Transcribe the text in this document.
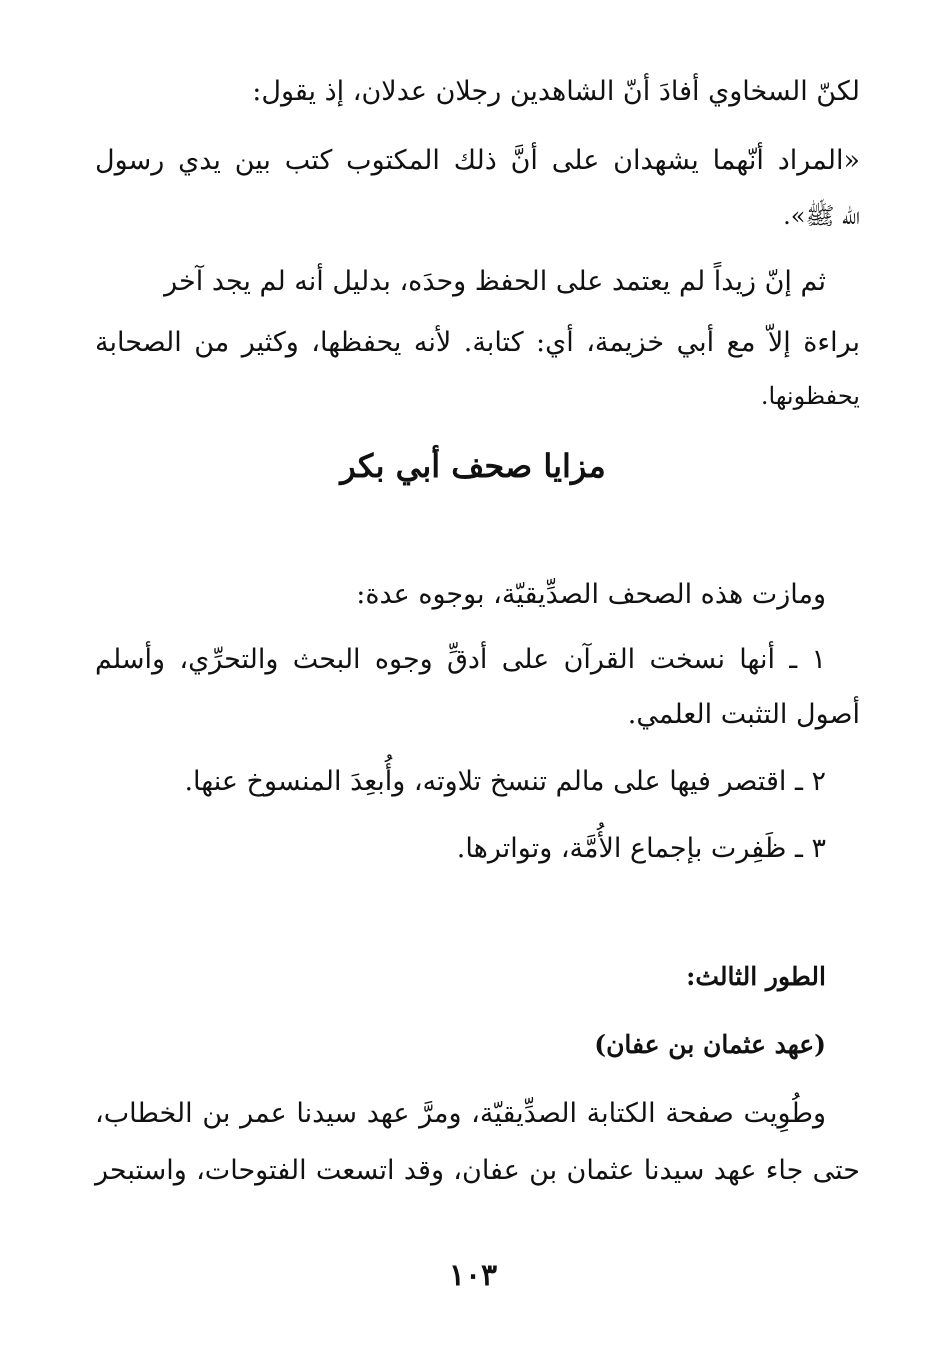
لكنّ السخاوي أفادَ أنّ الشاهدين رجلان عدلان، إذ يقول:
«المراد أنّهما يشهدان على أنَّ ذلك المكتوب كتب بين يدي رسول
الله ﷺ».
ثم إنّ زيداً لم يعتمد على الحفظ وحدَه، بدليل أنه لم يجد آخر
براءة إلاّ مع أبي خزيمة، أي: كتابة. لأنه يحفظها، وكثير من الصحابة
يحفظونها.
مزايا صحف أبي بكر
ومازت هذه الصحف الصدِّيقيّة، بوجوه عدة:
١ ـ أنها نسخت القرآن على أدقِّ وجوه البحث والتحرِّي، وأسلم
أصول التثبت العلمي.
٢ ـ اقتصر فيها على مالم تنسخ تلاوته، وأُبعِدَ المنسوخ عنها.
٣ ـ ظَفِرت بإجماع الأُمَّة، وتواترها.
الطور الثالث:
(عهد عثمان بن عفان)
وطُوِيت صفحة الكتابة الصدِّيقيّة، ومرَّ عهد سيدنا عمر بن الخطاب،
حتى جاء عهد سيدنا عثمان بن عفان، وقد اتسعت الفتوحات، واستبحر
١٠٣
